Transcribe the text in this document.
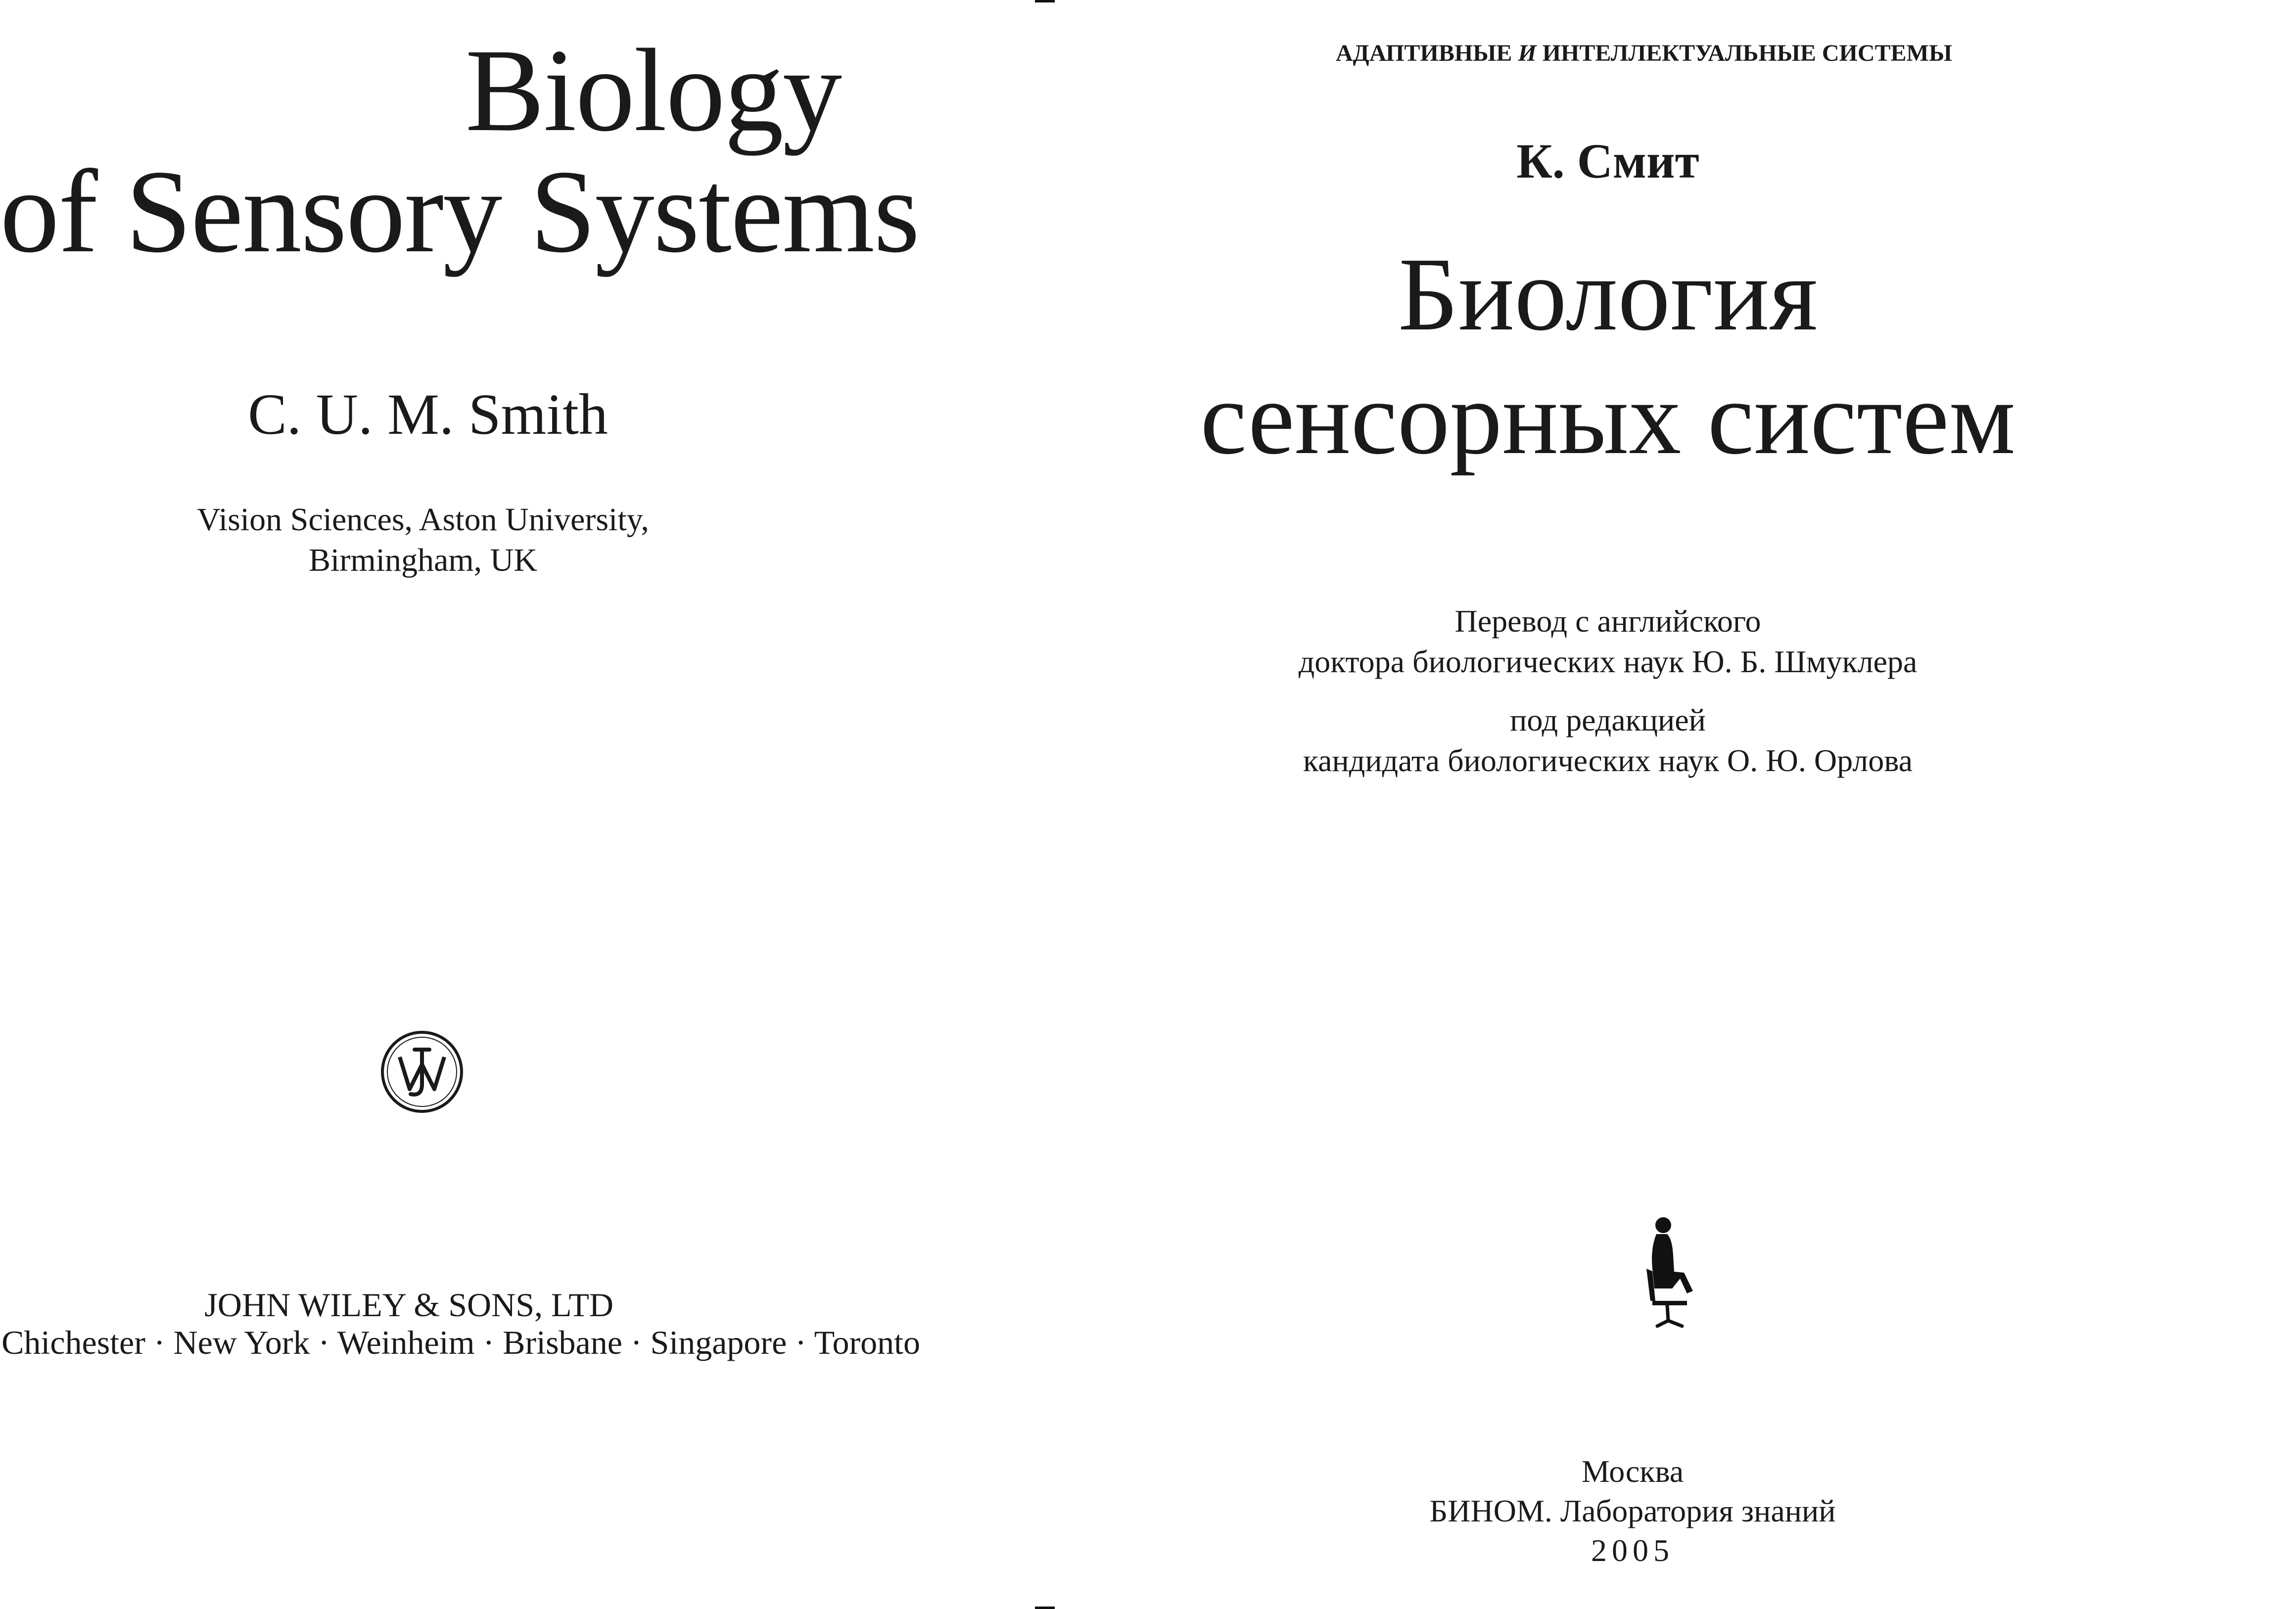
Biology
of Sensory Systems
C. U. M. Smith
Vision Sciences, Aston University,
Birmingham, UK
JOHN WILEY & SONS, LTD
Chichester · New York · Weinheim · Brisbane · Singapore · Toronto
АДАПТИВНЫЕ И ИНТЕЛЛЕКТУАЛЬНЫЕ СИСТЕМЫ
К. Смит
Биология
сенсорных систем
Перевод с английского
доктора биологических наук Ю. Б. Шмуклера
под редакцией
кандидата биологических наук О. Ю. Орлова
Москва
БИНОМ. Лаборатория знаний
2005
